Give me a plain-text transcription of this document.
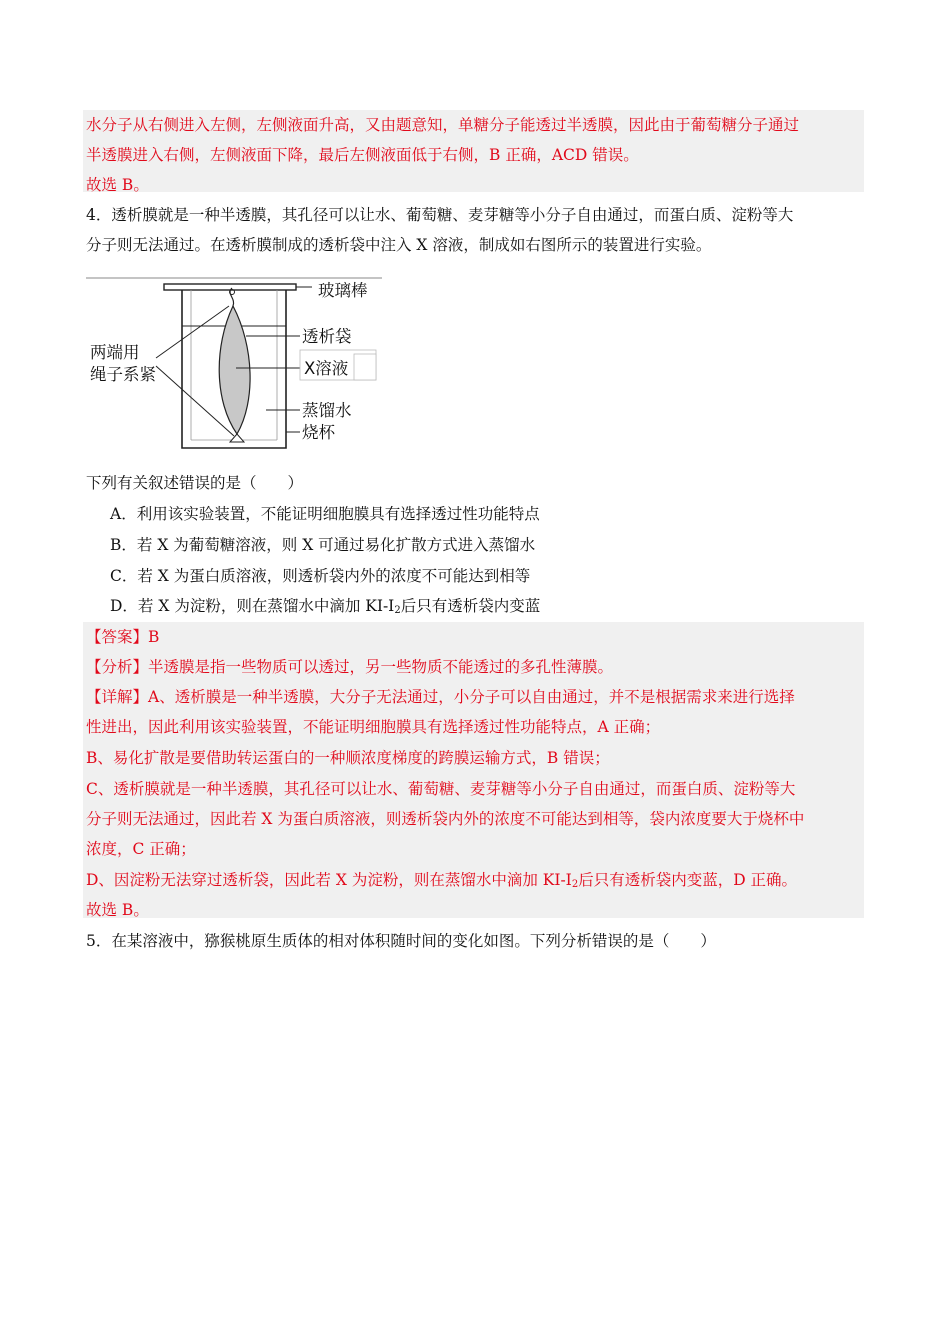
水分子从右侧进入左侧，左侧液面升高，又由题意知，单糖分子能透过半透膜，因此由于葡萄糖分子通过
半透膜进入右侧，左侧液面下降，最后左侧液面低于右侧，B 正确，ACD 错误。
故选 B。
4．透析膜就是一种半透膜，其孔径可以让水、葡萄糖、麦芽糖等小分子自由通过，而蛋白质、淀粉等大
分子则无法通过。在透析膜制成的透析袋中注入 X 溶液，制成如右图所示的装置进行实验。
玻璃棒
透析袋
X溶液
蒸馏水
烧杯
两端用
绳子系紧
下列有关叙述错误的是（　　）
A．利用该实验装置，不能证明细胞膜具有选择透过性功能特点
B．若 X 为葡萄糖溶液，则 X 可通过易化扩散方式进入蒸馏水
C．若 X 为蛋白质溶液，则透析袋内外的浓度不可能达到相等
D．若 X 为淀粉，则在蒸馏水中滴加 $KI-I_2$后只有透析袋内变蓝
【答案】B
【分析】半透膜是指一些物质可以透过，另一些物质不能透过的多孔性薄膜。
【详解】A、透析膜是一种半透膜，大分子无法通过，小分子可以自由通过，并不是根据需求来进行选择
性进出，因此利用该实验装置，不能证明细胞膜具有选择透过性功能特点，A 正确；
B、易化扩散是要借助转运蛋白的一种顺浓度梯度的跨膜运输方式，B 错误；
C、透析膜就是一种半透膜，其孔径可以让水、葡萄糖、麦芽糖等小分子自由通过，而蛋白质、淀粉等大
分子则无法通过，因此若 X 为蛋白质溶液，则透析袋内外的浓度不可能达到相等，袋内浓度要大于烧杯中
浓度，C 正确；
D、因淀粉无法穿过透析袋，因此若 X 为淀粉，则在蒸馏水中滴加 $KI-I_2$后只有透析袋内变蓝，D 正确。
故选 B。
5．在某溶液中，猕猴桃原生质体的相对体积随时间的变化如图。下列分析错误的是（　　）
